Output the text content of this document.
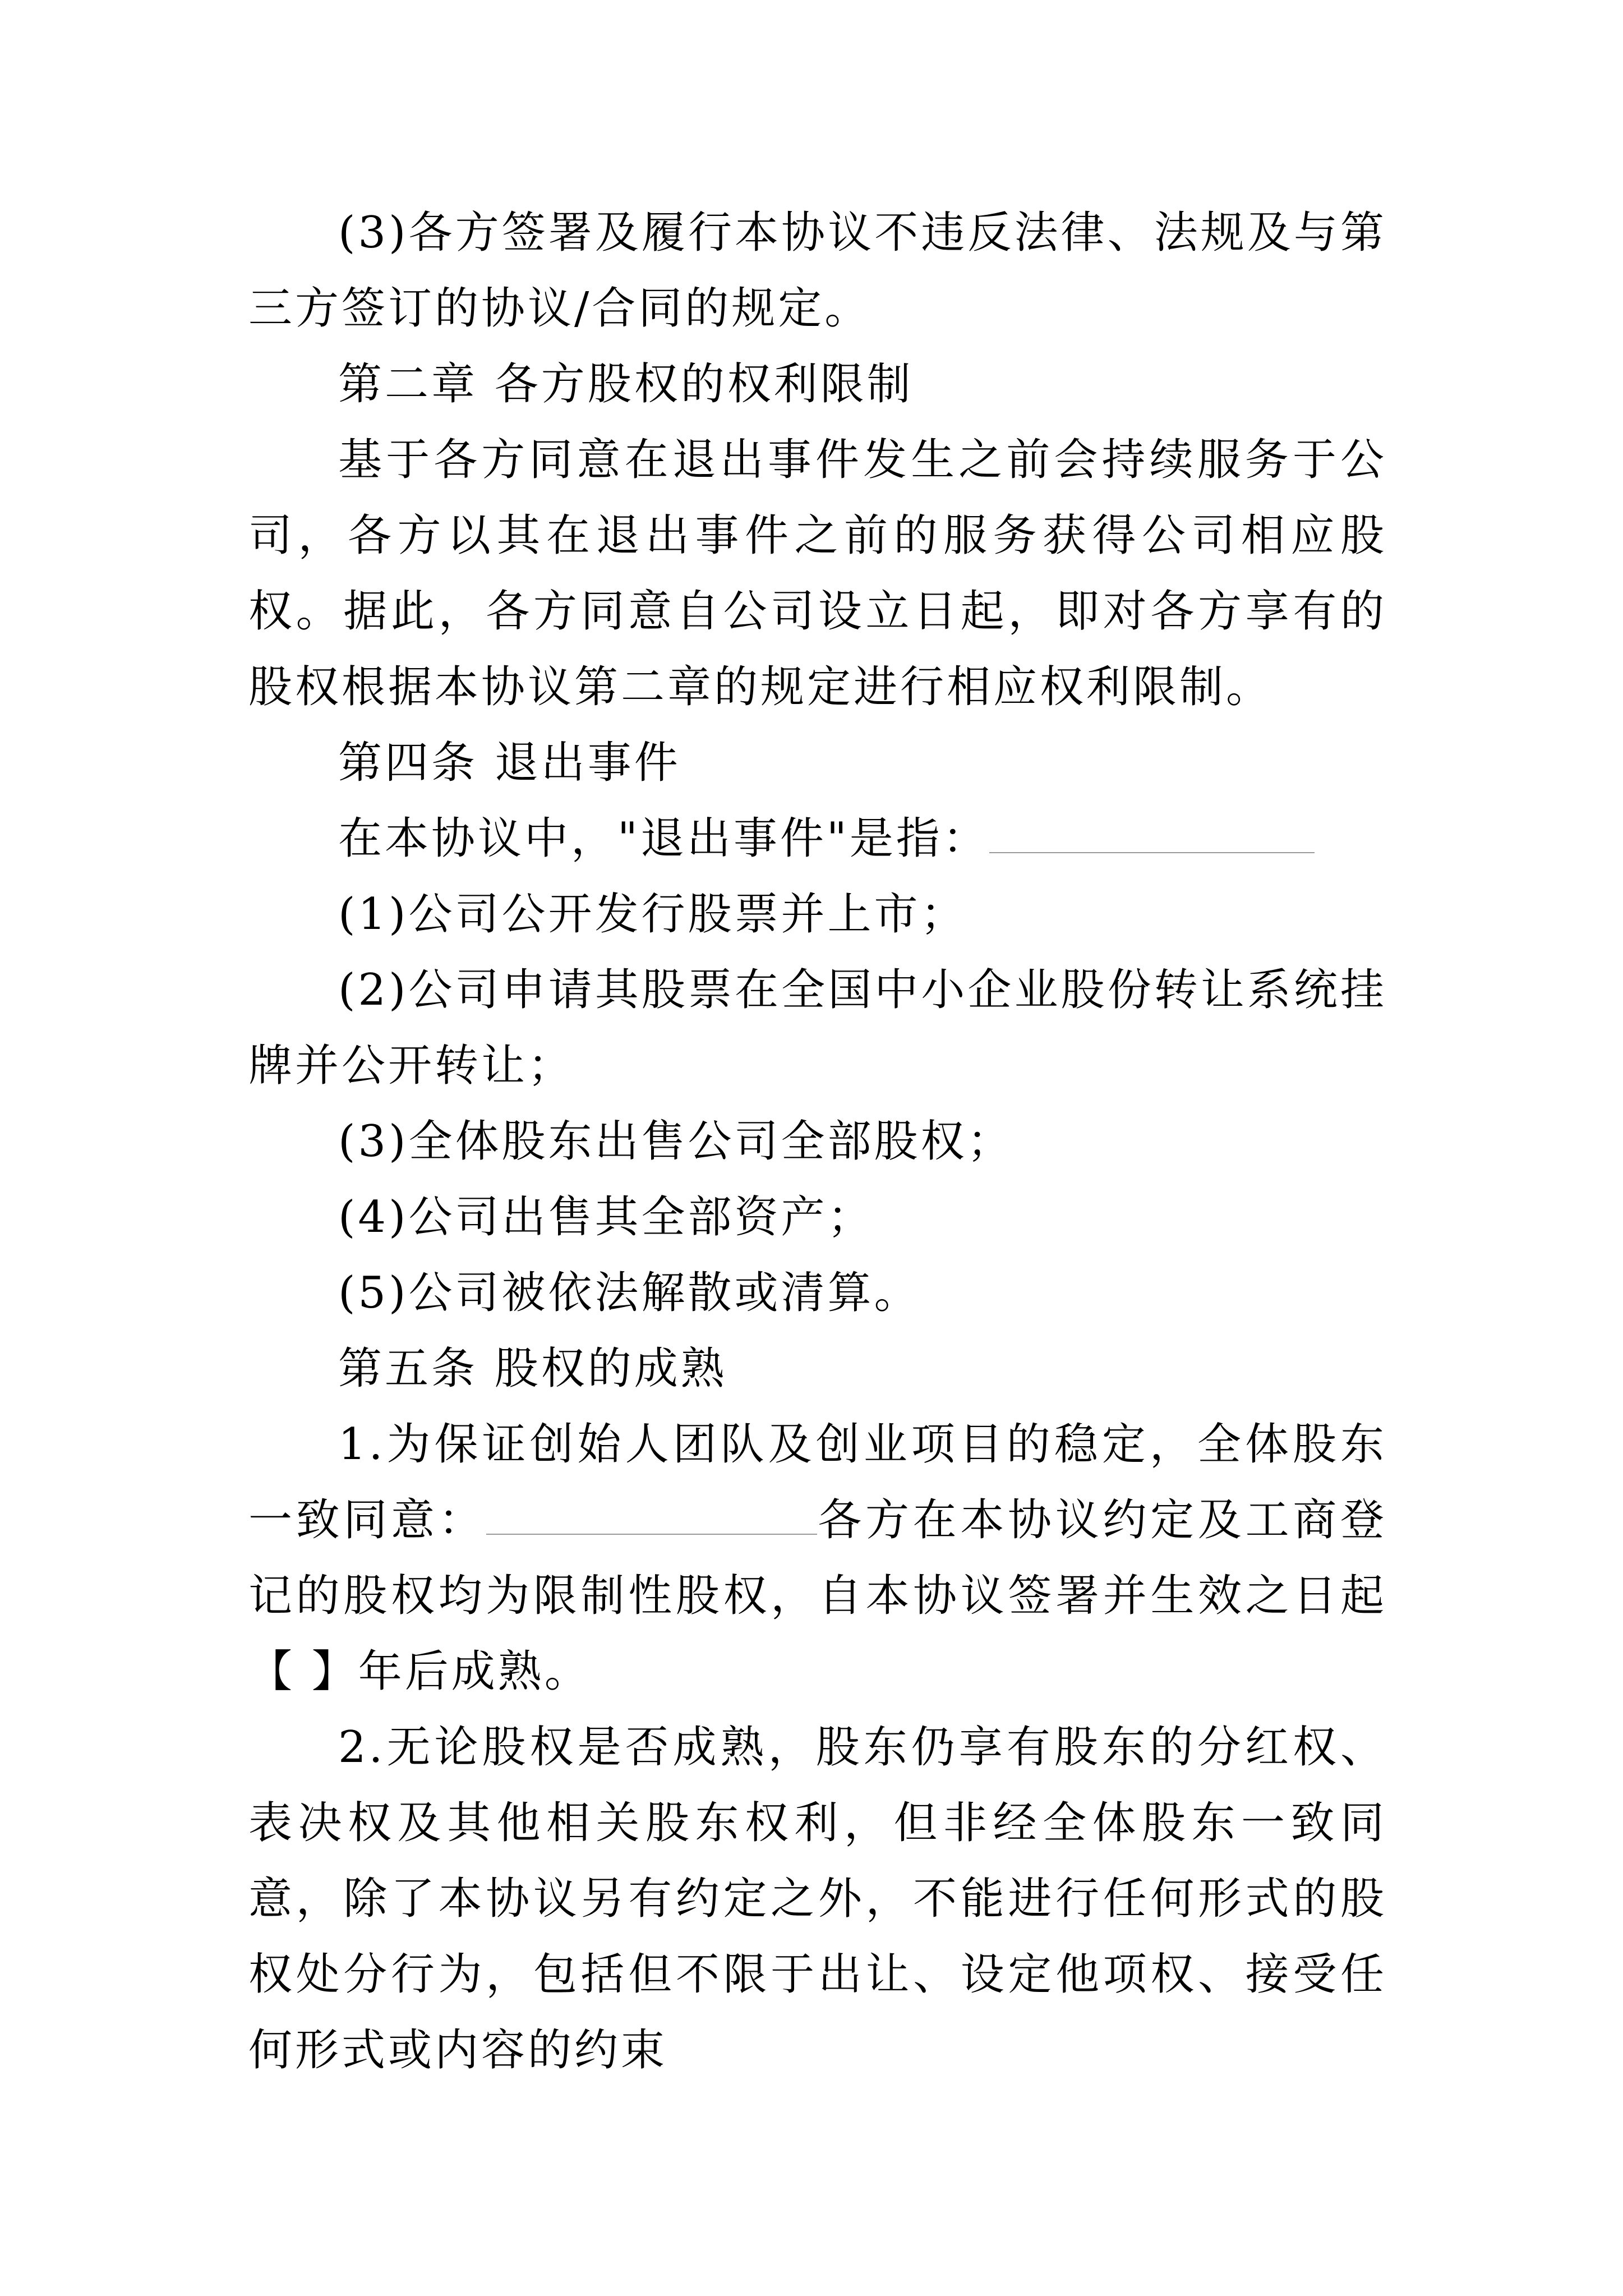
(3)各方签署及履行本协议不违反法律、法规及与第三方签订的协议/合同的规定。

第二章 各方股权的权利限制

基于各方同意在退出事件发生之前会持续服务于公司，各方以其在退出事件之前的服务获得公司相应股权。据此，各方同意自公司设立日起，即对各方享有的股权根据本协议第二章的规定进行相应权利限制。

第四条 退出事件

在本协议中，"退出事件"是指：

(1)公司公开发行股票并上市；

(2)公司申请其股票在全国中小企业股份转让系统挂牌并公开转让；

(3)全体股东出售公司全部股权；

(4)公司出售其全部资产；

(5)公司被依法解散或清算。

第五条 股权的成熟

1.为保证创始人团队及创业项目的稳定，全体股东一致同意：	各方在本协议约定及工商登记的股权均为限制性股权，自本协议签署并生效之日起【 】年后成熟。

2.无论股权是否成熟，股东仍享有股东的分红权、表决权及其他相关股东权利，但非经全体股东一致同意，除了本协议另有约定之外，不能进行任何形式的股权处分行为，包括但不限于出让、设定他项权、接受任何形式或内容的约束
